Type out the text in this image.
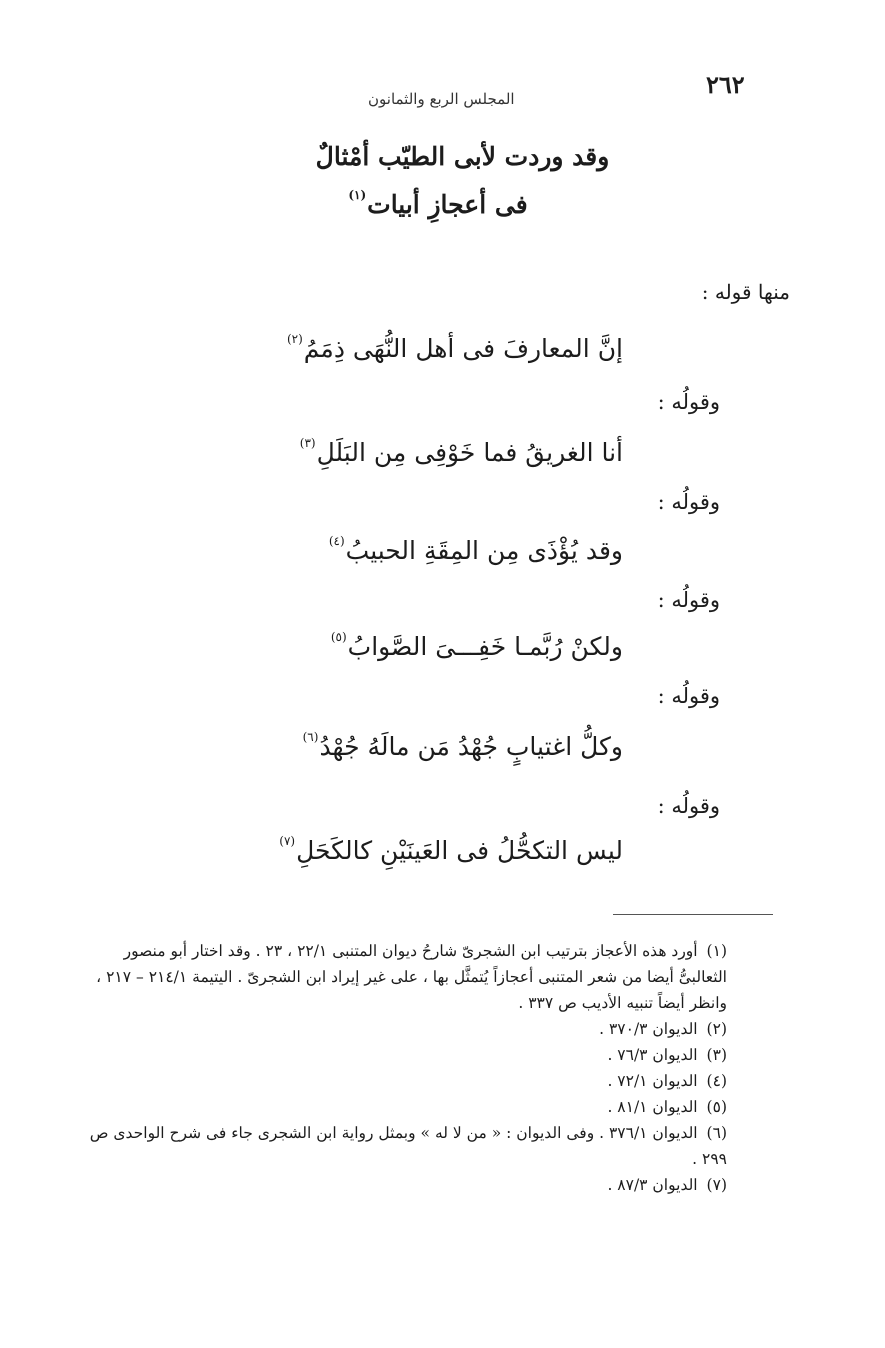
٢٦٢
المجلس الربع والثمانون
وقد وردت لأبى الطيّب أمْثالٌ
فى أعجازِ أبيات$^{(١)}$
منها قوله :
إنَّ المعارفَ فى أهل النُّهَى ذِمَمُ$^{(٢)}$
وقولُه :
أنا الغريقُ فما خَوْفِى مِن البَلَلِ$^{(٣)}$
وقولُه :
وقد يُؤْذَى مِن المِقَةِ الحبيبُ$^{(٤)}$
وقولُه :
ولكنْ رُبَّمـا خَفِـــىَ الصَّوابُ$^{(٥)}$
وقولُه :
وكلُّ اغتيابٍ جُهْدُ مَن مالَهُ جُهْدُ$^{(٦)}$
وقولُه :
ليس التكحُّلُ فى العَينَيْنِ كالكَحَلِ$^{(٧)}$

(١) أورد هذه الأعجاز بترتيب ابن الشجرىّ شارحُ ديوان المتنبى ٢٢/١ ، ٢٣ . وقد اختار أبو منصور الثعالبىُّ أيضا من شعر المتنبى أعجازاً يُتمثَّل بها ، على غير إيراد ابن الشجرىّ . اليتيمة ٢١٤/١ – ٢١٧ ، وانظر أيضاً تنبيه الأديب ص ٣٣٧ .

(٢) الديوان ٣٧٠/٣ .

(٣) الديوان ٧٦/٣ .

(٤) الديوان ٧٢/١ .

(٥) الديوان ٨١/١ .

(٦) الديوان ٣٧٦/١ . وفى الديوان : « من لا له » وبمثل رواية ابن الشجرى جاء فى شرح الواحدى ص ٢٩٩ .

(٧) الديوان ٨٧/٣ .
